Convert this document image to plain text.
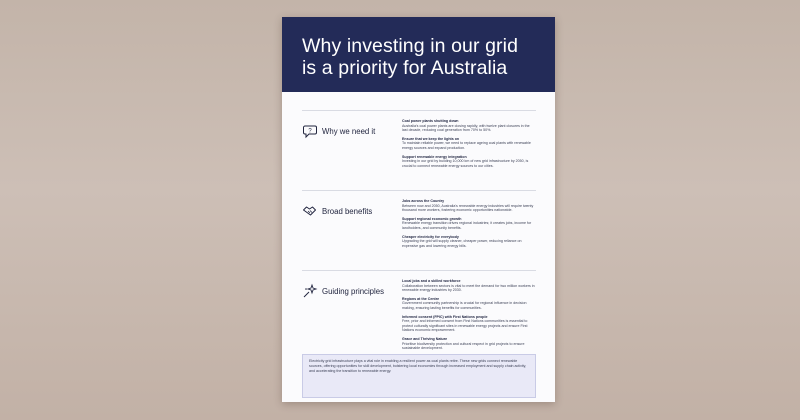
Why investing in our grid
is a priority for Australia
? Why we need it
Coal power plants shutting down
Australia's coal power plants are closing rapidly, with twelve plant closures in the last decade, reducing coal generation from 70% to 50%.
Ensure that we keep the lights on
To maintain reliable power, we need to replace ageing coal plants with renewable energy sources and expand production.
Support renewable energy integration
Investing in our grid by building 10,000 km of new grid infrastructure by 2050, is crucial to connect renewable energy sources to our cities.
Broad benefits
Jobs across the Country
Between now and 2050, Australia's renewable energy industries will require twenty thousand more workers, fostering economic opportunities nationwide.
Support regional economic growth
Renewable energy transition drives regional industries; it creates jobs, income for landholders, and community benefits.
Cheaper electricity for everybody
Upgrading the grid will supply cleaner, cheaper power, reducing reliance on expensive gas and lowering energy bills.
Guiding principles
Local jobs and a skilled workforce
Collaboration between sectors is vital to meet the demand for two million workers in renewable energy industries by 2030.
Regions at the Centre
Government community partnership is crucial for regional influence in decision making, ensuring lasting benefits for communities.
Informed consent (FPIC) with First Nations people
Free, prior and informed consent from First Nations communities is essential to protect culturally significant sites in renewable energy projects and ensure First Nations economic empowerment.
Grace and Thriving Nature
Prioritise biodiversity protection and cultural respect in grid projects to ensure sustainable development.

Electricity grid infrastructure plays a vital role in enabling a resilient power as coal plants retire. These new grids connect renewable sources, offering opportunities for skill development, bolstering local economies through increased employment and supply chain activity, and accelerating the transition to renewable energy.
